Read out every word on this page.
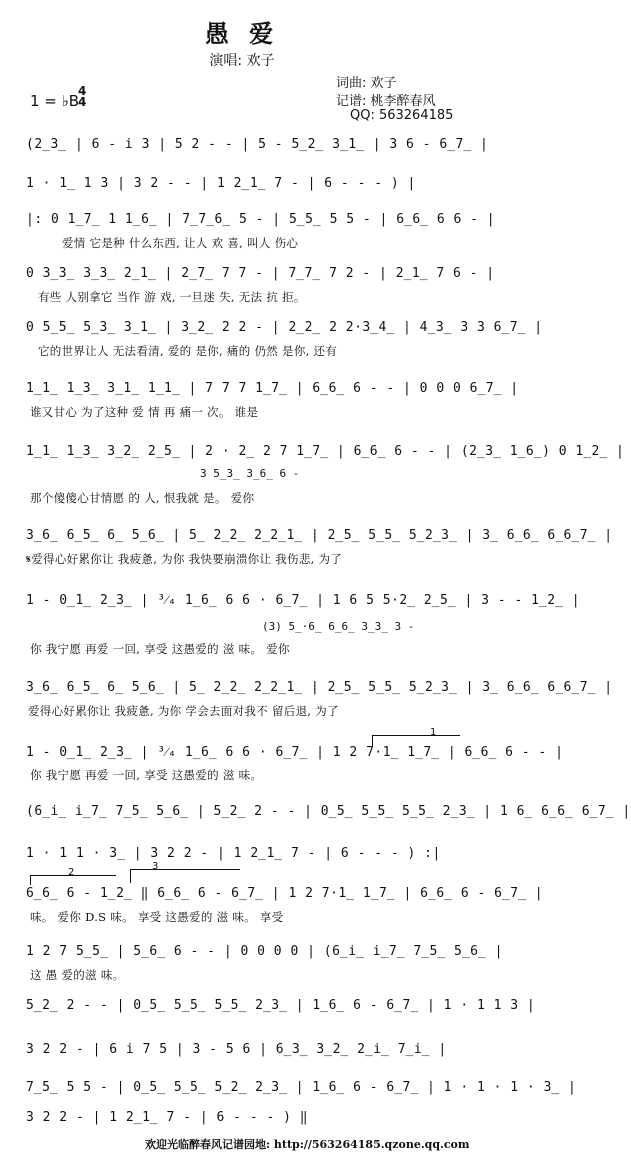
愚 爱
演唱: 欢子
词曲: 欢子
记谱: 桃李醉春风
QQ: 563264185
1 = ♭B
4
4
(2̲3̲ | 6 - i 3 | 5 2 - - | 5 - 5̲2̲ 3̲1̲ | 3 6 - 6̲7̲ |
1 · 1̲ 1 3 | 3 2 - - | 1 2̲1̲ 7 - | 6 - - - ) |
|: 0 1̲7̲ 1 1̲6̲ | 7̲7̲6̲ 5 - | 5̲5̲ 5 5 - | 6̲6̲ 6 6 - |
爱情 它是种 什么东西, 让人 欢 喜, 叫人 伤心
0 3̲3̲ 3̲3̲ 2̲1̲ | 2̲7̲ 7 7 - | 7̲7̲ 7 2 - | 2̲1̲ 7 6 - |
有些 人别拿它 当作 游 戏, 一旦迷 失, 无法 抗 拒。
0 5̲5̲ 5̲3̲ 3̲1̲ | 3̲2̲ 2 2 - | 2̲2̲ 2 2·3̲4̲ | 4̲3̲ 3 3 6̲7̲ |
它的世界让人 无法看清, 爱的 是你, 痛的 仍然 是你, 还有
1̲1̲ 1̲3̲ 3̲1̲ 1̲1̲ | 7 7 7 1̲7̲ | 6̲6̲ 6 - - | 0 0 0 6̲7̲ |
谁又甘心 为了这种 爱 情 再 痛一 次。 谁是
1̲1̲ 1̲3̲ 3̲2̲ 2̲5̲ | 2 · 2̲ 2 7 1̲7̲ | 6̲6̲ 6 - - | (2̲3̲ 1̲6̲) 0 1̲2̲ |
3 5̲3̲ 3̲6̲ 6 -
那个傻傻心甘情愿 的 人, 恨我就 是。 爱你
3̲6̲ 6̲5̲ 6̲ 5̲6̲ | 5̲ 2̲2̲ 2̲2̲1̲ | 2̲5̲ 5̲5̲ 5̲2̲3̲ | 3̲ 6̲6̲ 6̲6̲7̲ |
𝄋爱得心好累你让 我疲惫, 为你 我快要崩溃你让 我伤悲, 为了
1 - 0̲1̲ 2̲3̲ | ³⁄₄ 1̲6̲ 6 6 · 6̲7̲ | 1 6 5 5·2̲ 2̲5̲ | 3 - - 1̲2̲ |
(3) 5̲·6̲ 6̲6̲ 3̲3̲ 3 -
你 我宁愿 再爱 一回, 享受 这愚爱的 滋 味。 爱你
3̲6̲ 6̲5̲ 6̲ 5̲6̲ | 5̲ 2̲2̲ 2̲2̲1̲ | 2̲5̲ 5̲5̲ 5̲2̲3̲ | 3̲ 6̲6̲ 6̲6̲7̲ |
爱得心好累你让 我疲惫, 为你 学会去面对我不 留后退, 为了
1
1 - 0̲1̲ 2̲3̲ | ³⁄₄ 1̲6̲ 6 6 · 6̲7̲ | 1 2 7·1̲ 1̲7̲ | 6̲6̲ 6 - - |
你 我宁愿 再爱 一回, 享受 这愚爱的 滋 味。
(6̲i̲ i̲7̲ 7̲5̲ 5̲6̲ | 5̲2̲ 2 - - | 0̲5̲ 5̲5̲ 5̲5̲ 2̲3̲ | 1 6̲ 6̲6̲ 6̲7̲ |
1 · 1 1 · 3̲ | 3 2 2 - | 1 2̲1̲ 7 - | 6 - - - ) :|
2
3
6̲6̲ 6 - 1̲2̲ ‖ 6̲6̲ 6 - 6̲7̲ | 1 2 7·1̲ 1̲7̲ | 6̲6̲ 6 - 6̲7̲ |
味。 爱你 D.S 味。 享受 这愚爱的 滋 味。 享受
1 2 7 5̲5̲ | 5̲6̲ 6 - - | 0 0 0 0 | (6̲i̲ i̲7̲ 7̲5̲ 5̲6̲ |
这 愚 爱的滋 味。
5̲2̲ 2 - - | 0̲5̲ 5̲5̲ 5̲5̲ 2̲3̲ | 1̲6̲ 6 - 6̲7̲ | 1 · 1 1 3 |
3 2 2 - | 6 i 7 5 | 3 - 5 6 | 6̲3̲ 3̲2̲ 2̲i̲ 7̲i̲ |
7̲5̲ 5 5 - | 0̲5̲ 5̲5̲ 5̲2̲ 2̲3̲ | 1̲6̲ 6 - 6̲7̲ | 1 · 1 · 1 · 3̲ |
3 2 2 - | 1 2̲1̲ 7 - | 6 - - - ) ‖
欢迎光临醉春风记谱园地: http://563264185.qzone.qq.com
